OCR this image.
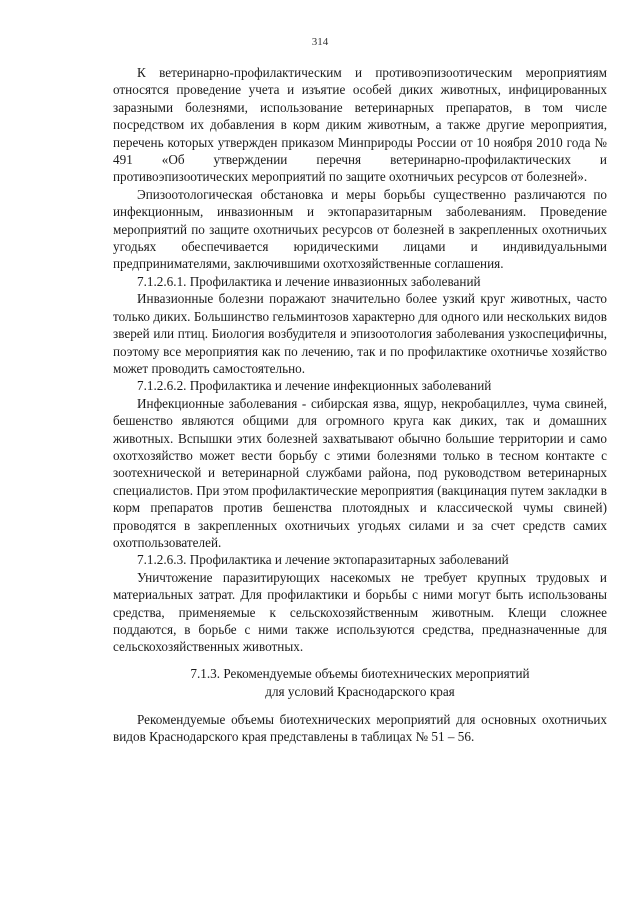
314

К ветеринарно-профилактическим и противоэпизоотическим мероприятиям относятся проведение учета и изъятие особей диких животных, инфицированных заразными болезнями, использование ветеринарных препаратов, в том числе посредством их добавления в корм диким животным, а также другие мероприятия, перечень которых утвержден приказом Минприроды России от 10 ноября 2010 года № 491 «Об утверждении перечня ветеринарно-профилактических и противоэпизоотических мероприятий по защите охотничьих ресурсов от болезней».

Эпизоотологическая обстановка и меры борьбы существенно различаются по инфекционным, инвазионным и эктопаразитарным заболеваниям. Проведение мероприятий по защите охотничьих ресурсов от болезней в закрепленных охотничьих угодьях обеспечивается юридическими лицами и индивидуальными предпринимателями, заключившими охотхозяйственные соглашения.

7.1.2.6.1. Профилактика и лечение инвазионных заболеваний

Инвазионные болезни поражают значительно более узкий круг животных, часто только диких. Большинство гельминтозов характерно для одного или нескольких видов зверей или птиц. Биология возбудителя и эпизоотология заболевания узкоспецифичны, поэтому все мероприятия как по лечению, так и по профилактике охотничье хозяйство может проводить самостоятельно.

7.1.2.6.2. Профилактика и лечение инфекционных заболеваний

Инфекционные заболевания - сибирская язва, ящур, некробациллез, чума свиней, бешенство являются общими для огромного круга как диких, так и домашних животных. Вспышки этих болезней захватывают обычно большие территории и само охотхозяйство может вести борьбу с этими болезнями только в тесном контакте с зоотехнической и ветеринарной службами района, под руководством ветеринарных специалистов. При этом профилактические мероприятия (вакцинация путем закладки в корм препаратов против бешенства плотоядных и классической чумы свиней) проводятся в закрепленных охотничьих угодьях силами и за счет средств самих охотпользователей.

7.1.2.6.3. Профилактика и лечение эктопаразитарных заболеваний

Уничтожение паразитирующих насекомых не требует крупных трудовых и материальных затрат. Для профилактики и борьбы с ними могут быть использованы средства, применяемые к сельскохозяйственным животным. Клещи сложнее поддаются, в борьбе с ними также используются средства, предназначенные для сельскохозяйственных животных.

7.1.3. Рекомендуемые объемы биотехнических мероприятий
для условий Краснодарского края

Рекомендуемые объемы биотехнических мероприятий для основных охотничьих видов Краснодарского края представлены в таблицах № 51 – 56.
